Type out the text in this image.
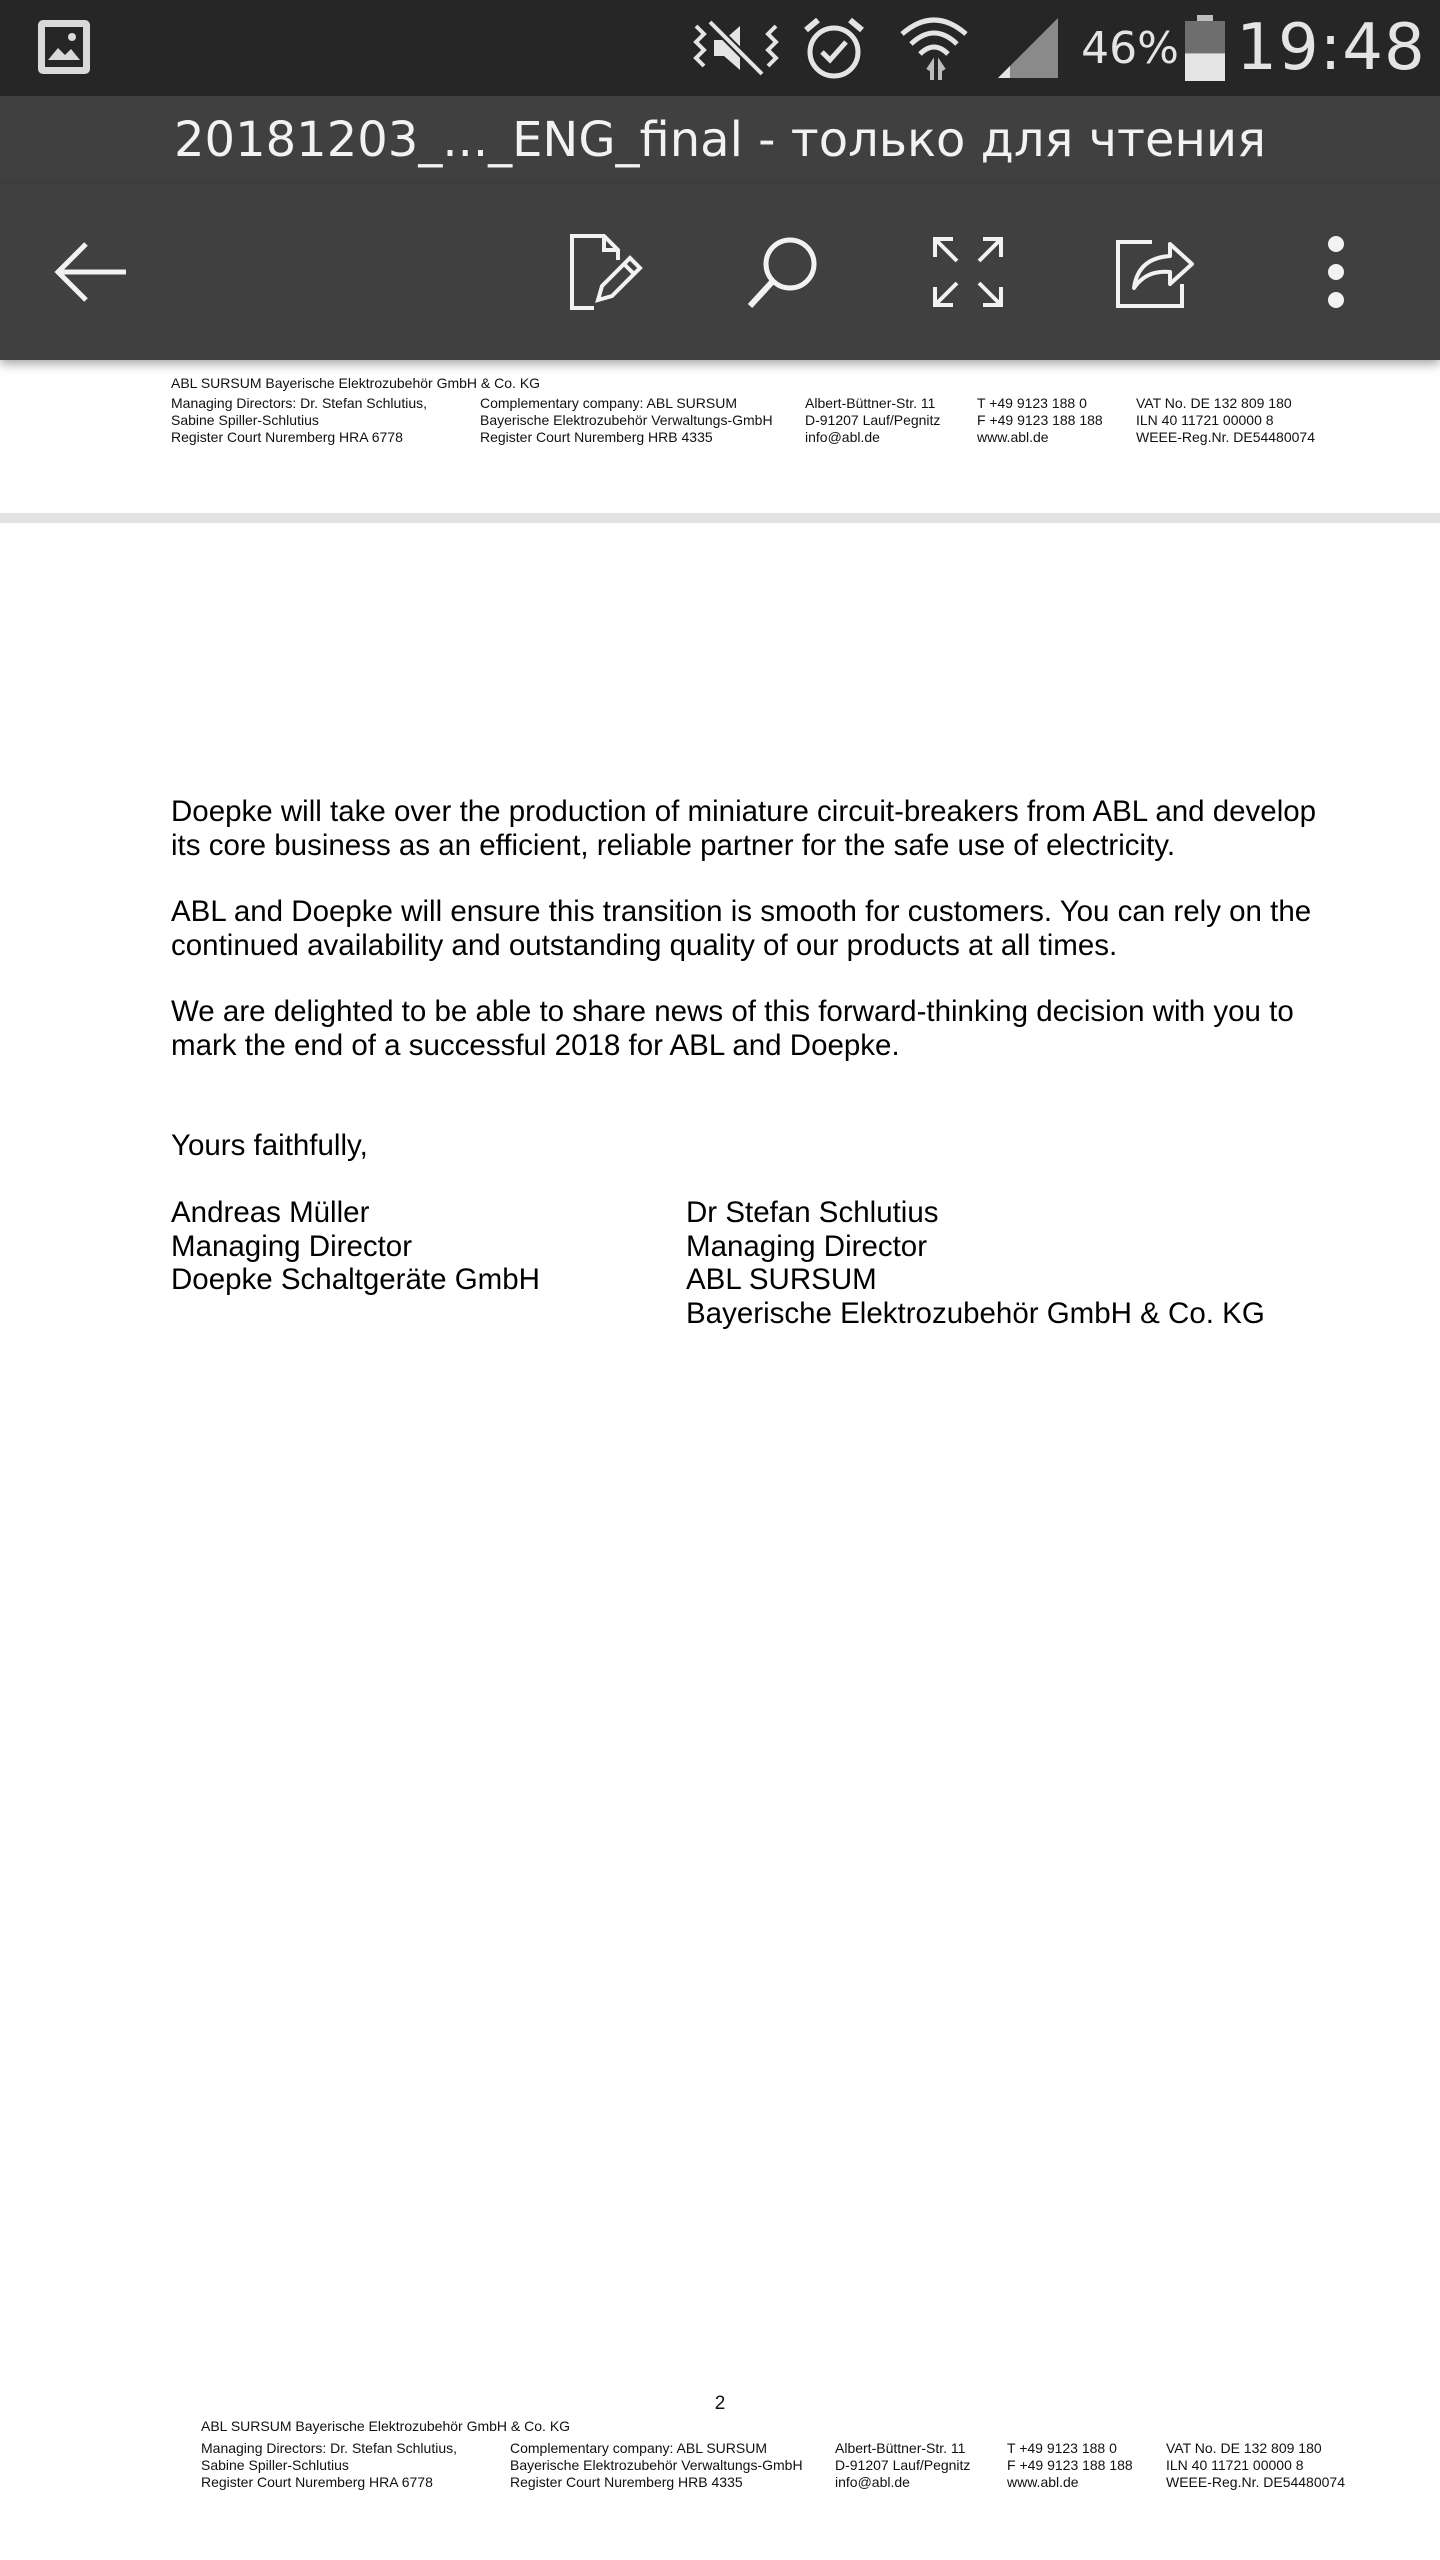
46% 19:48
20181203_..._ENG_final - только для чтения
ABL SURSUM Bayerische Elektrozubehör GmbH & Co. KG
Managing Directors: Dr. Stefan Schlutius,
Sabine Spiller-Schlutius
Register Court Nuremberg HRA 6778
Complementary company: ABL SURSUM
Bayerische Elektrozubehör Verwaltungs-GmbH
Register Court Nuremberg HRB 4335
Albert-Büttner-Str. 11
D-91207 Lauf/Pegnitz
info@abl.de
T +49 9123 188 0
F +49 9123 188 188
www.abl.de
VAT No. DE 132 809 180
ILN 40 11721 00000 8
WEEE-Reg.Nr. DE54480074

Doepke will take over the production of miniature circuit-breakers from ABL and develop
its core business as an efficient, reliable partner for the safe use of electricity.

ABL and Doepke will ensure this transition is smooth for customers. You can rely on the
continued availability and outstanding quality of our products at all times.

We are delighted to be able to share news of this forward-thinking decision with you to
mark the end of a successful 2018 for ABL and Doepke.

Yours faithfully,
Andreas Müller
Managing Director
Doepke Schaltgeräte GmbH
Dr Stefan Schlutius
Managing Director
ABL SURSUM
Bayerische Elektrozubehör GmbH & Co. KG
2
ABL SURSUM Bayerische Elektrozubehör GmbH & Co. KG
Managing Directors: Dr. Stefan Schlutius,
Sabine Spiller-Schlutius
Register Court Nuremberg HRA 6778
Complementary company: ABL SURSUM
Bayerische Elektrozubehör Verwaltungs-GmbH
Register Court Nuremberg HRB 4335
Albert-Büttner-Str. 11
D-91207 Lauf/Pegnitz
info@abl.de
T +49 9123 188 0
F +49 9123 188 188
www.abl.de
VAT No. DE 132 809 180
ILN 40 11721 00000 8
WEEE-Reg.Nr. DE54480074
